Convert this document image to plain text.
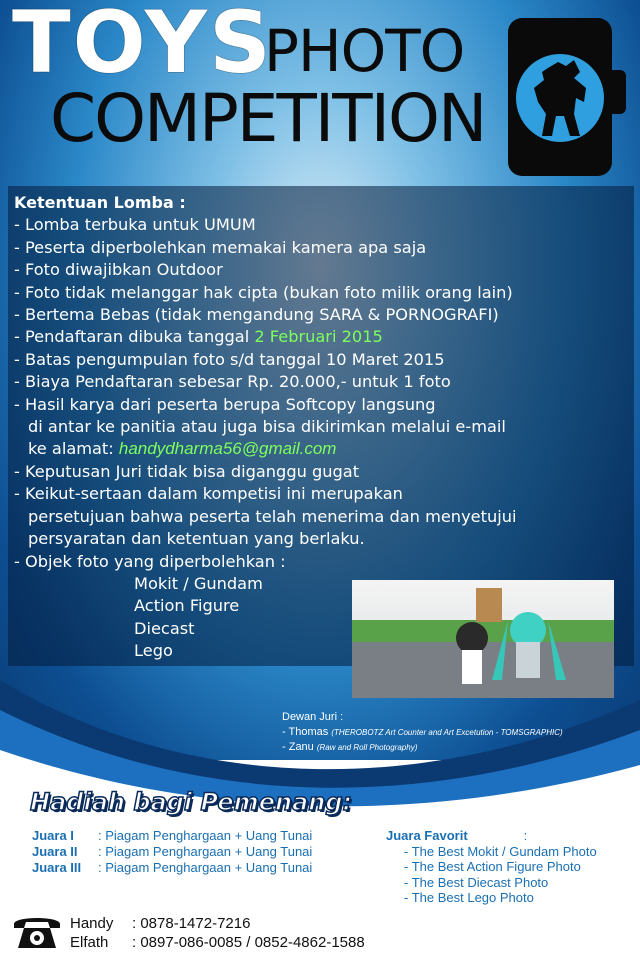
TOYS
PHOTO
COMPETITION
Ketentuan Lomba :
- Lomba terbuka untuk UMUM
- Peserta diperbolehkan memakai kamera apa saja
- Foto diwajibkan Outdoor
- Foto tidak melanggar hak cipta (bukan foto milik orang lain)
- Bertema Bebas (tidak mengandung SARA & PORNOGRAFI)
- Pendaftaran dibuka tanggal 2 Februari 2015
- Batas pengumpulan foto s/d tanggal 10 Maret 2015
- Biaya Pendaftaran sebesar Rp. 20.000,- untuk 1 foto
- Hasil karya dari peserta berupa Softcopy langsung
di antar ke panitia atau juga bisa dikirimkan melalui e-mail
ke alamat: handydharma56@gmail.com
- Keputusan Juri tidak bisa diganggu gugat
- Keikut-sertaan dalam kompetisi ini merupakan
persetujuan bahwa peserta telah menerima dan menyetujui
persyaratan dan ketentuan yang berlaku.
- Objek foto yang diperbolehkan :
Mokit / Gundam
Action Figure
Diecast
Lego
Dewan Juri :
- Thomas (THEROBOTZ Art Counter and Art Excetution - TOMSGRAPHIC)
- Zanu (Raw and Roll Photography)
Hadiah bagi Pemenang:
Juara I : Piagam Penghargaan + Uang Tunai
Juara II : Piagam Penghargaan + Uang Tunai
Juara III : Piagam Penghargaan + Uang Tunai
Juara Favorit	:
- The Best Mokit / Gundam Photo
- The Best Action Figure Photo
- The Best Diecast Photo
- The Best Lego Photo
Handy : 0878-1472-7216
Elfath : 0897-086-0085 / 0852-4862-1588
